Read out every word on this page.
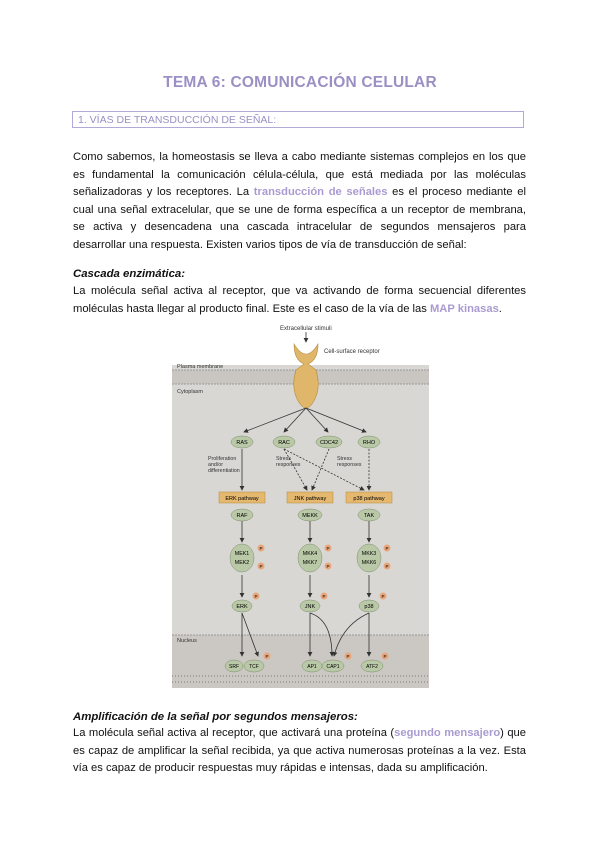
TEMA 6: COMUNICACIÓN CELULAR
1. VÍAS DE TRANSDUCCIÓN DE SEÑAL:
Como sabemos, la homeostasis se lleva a cabo mediante sistemas complejos en los que es fundamental la comunicación célula-célula, que está mediada por las moléculas señalizadoras y los receptores. La transducción de señales es el proceso mediante el cual una señal extracelular, que se une de forma específica a un receptor de membrana, se activa y desencadena una cascada intracelular de segundos mensajeros para desarrollar una respuesta. Existen varios tipos de vía de transducción de señal:
Cascada enzimática:
La molécula señal activa al receptor, que va activando de forma secuencial diferentes moléculas hasta llegar al producto final. Este es el caso de la vía de las MAP kinasas.
Extracellular stimuli
Cell-surface receptor
Plasma membrane
Cytoplasm
Nucleus
RAS	RAC	CDC42	RHO
Proliferation
and/or
differentiation
Stress
responses
Stress
responses
ERK pathway	JNK pathway	p38 pathway
RAF	MEKK	TAK
MEK1
MEK2
MKK4
MKK7
MKK3
MKK6
ERK	JNK	p38
P
P
P
P
P
P
P	P	P
P	P	P
SRF TCF	AP1 CAP1	ATF2
Amplificación de la señal por segundos mensajeros:
La molécula señal activa al receptor, que activará una proteína (segundo mensajero) que es capaz de amplificar la señal recibida, ya que activa numerosas proteínas a la vez. Esta vía es capaz de producir respuestas muy rápidas e intensas, dada su amplificación.
